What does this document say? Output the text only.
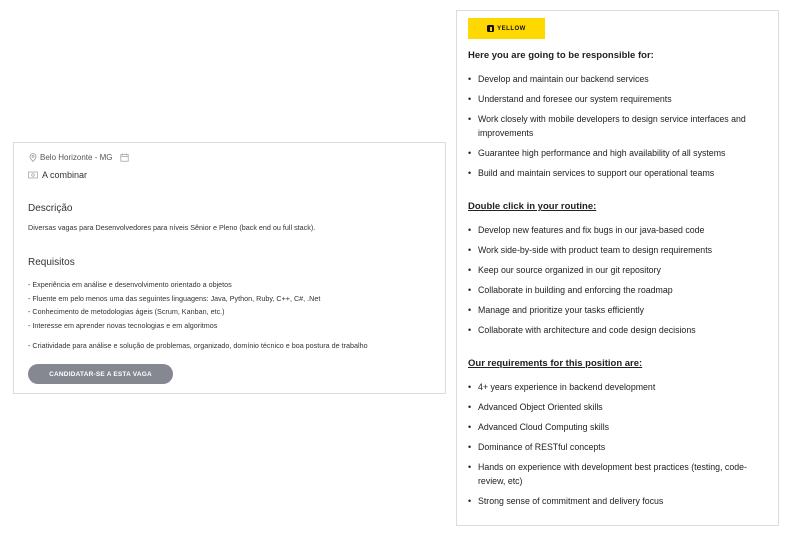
Belo Horizonte - MG
A combinar
Descrição
Diversas vagas para Desenvolvedores para níveis Sênior e Pleno (back end ou full stack).
Requisitos
- Experiência em análise e desenvolvimento orientado a objetos
- Fluente em pelo menos uma das seguintes linguagens: Java, Python, Ruby, C++, C#, .Net
- Conhecimento de metodologias ágeis (Scrum, Kanban, etc.)
- Interesse em aprender novas tecnologias e em algoritmos
- Criatividade para análise e solução de problemas, organizado, domínio técnico e boa postura de trabalho
CANDIDATAR-SE A ESTA VAGA
YELLOW
Here you are going to be responsible for:
• Develop and maintain our backend services
• Understand and foresee our system requirements
• Work closely with mobile developers to design service interfaces and improvements
• Guarantee high performance and high availability of all systems
• Build and maintain services to support our operational teams
Double click in your routine:
• Develop new features and fix bugs in our java-based code
• Work side-by-side with product team to design requirements
• Keep our source organized in our git repository
• Collaborate in building and enforcing the roadmap
• Manage and prioritize your tasks efficiently
• Collaborate with architecture and code design decisions
Our requirements for this position are:
• 4+ years experience in backend development
• Advanced Object Oriented skills
• Advanced Cloud Computing skills
• Dominance of RESTful concepts
• Hands on experience with development best practices (testing, code-review, etc)
• Strong sense of commitment and delivery focus
